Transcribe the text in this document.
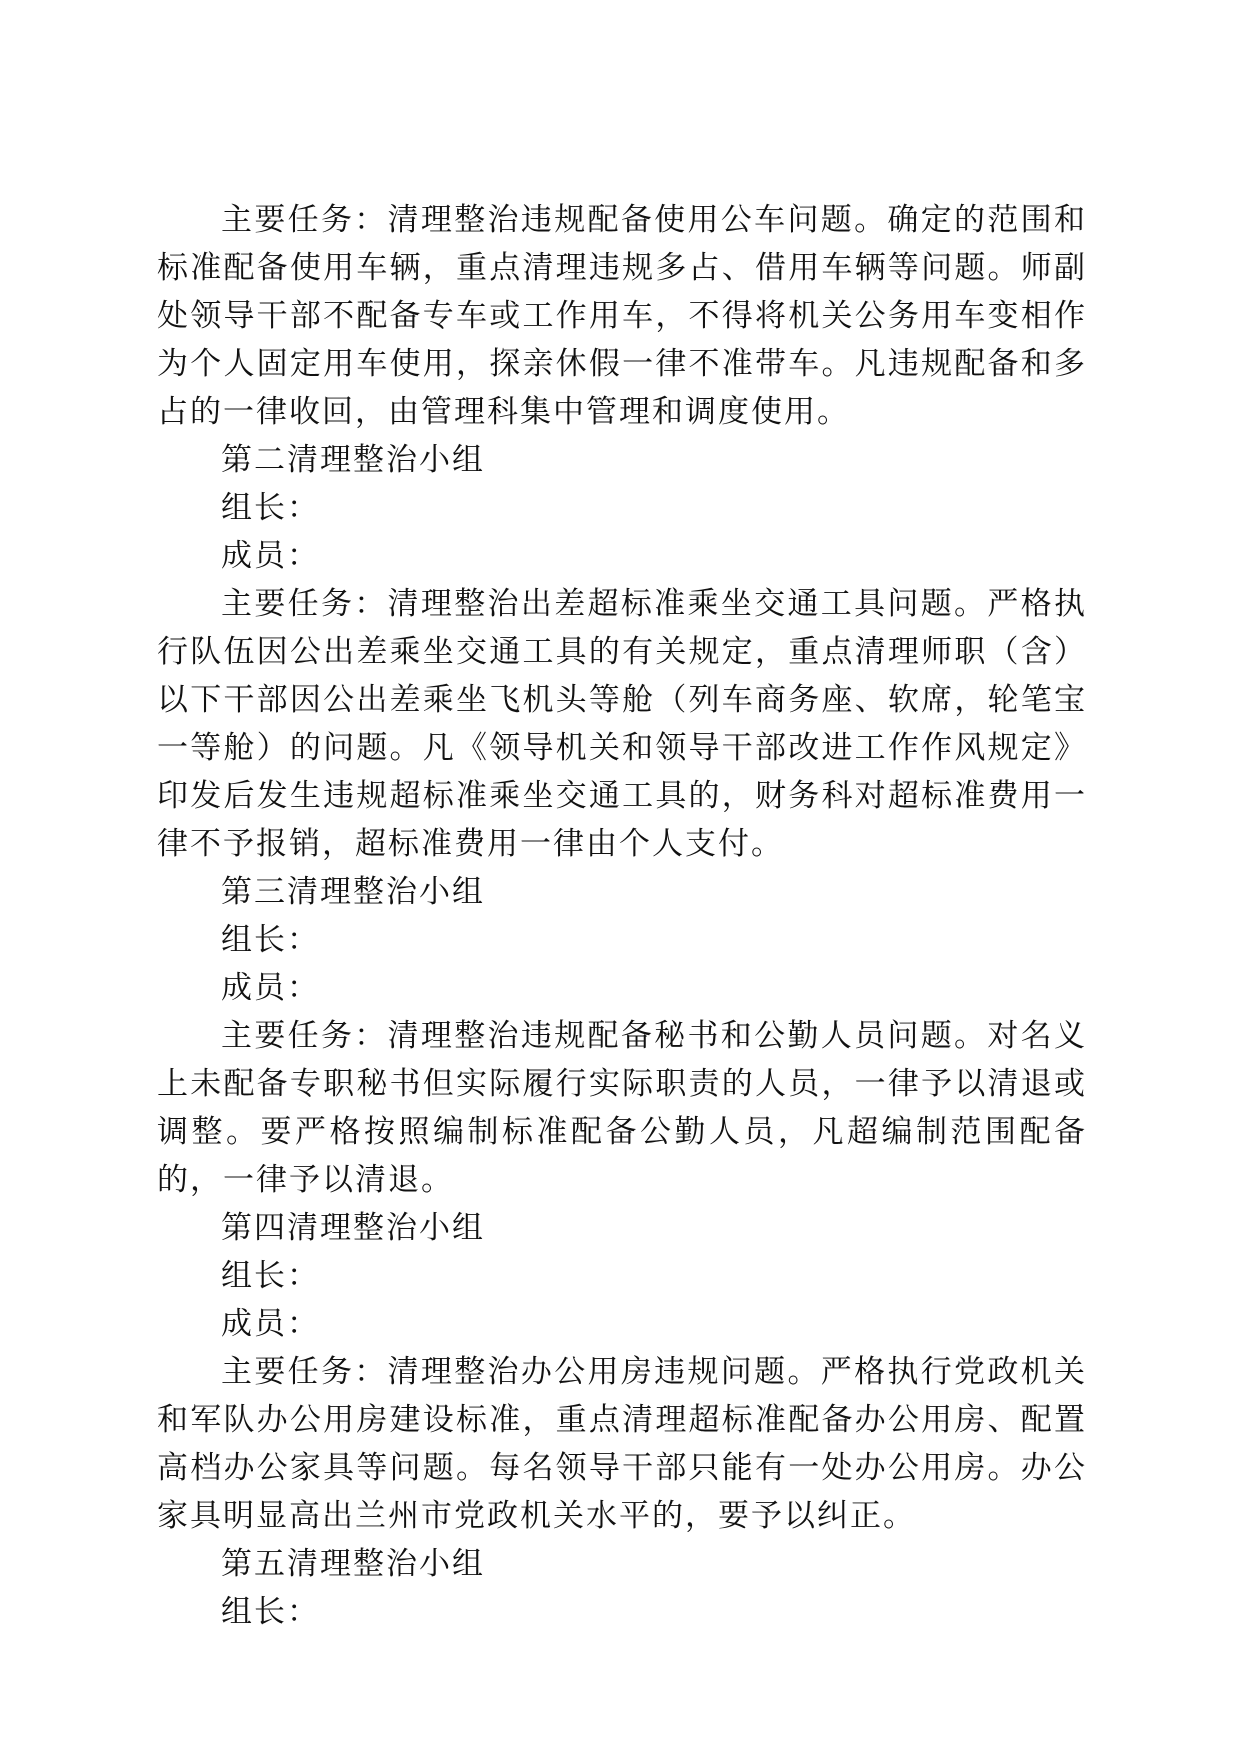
主要任务：清理整治违规配备使用公车问题。确定的范围和标准配备使用车辆，重点清理违规多占、借用车辆等问题。师副处领导干部不配备专车或工作用车，不得将机关公务用车变相作为个人固定用车使用，探亲休假一律不准带车。凡违规配备和多占的一律收回，由管理科集中管理和调度使用。

第二清理整治小组

组长：

成员：

主要任务：清理整治出差超标准乘坐交通工具问题。严格执行队伍因公出差乘坐交通工具的有关规定，重点清理师职（含）以下干部因公出差乘坐飞机头等舱（列车商务座、软席，轮笔宝一等舱）的问题。凡《领导机关和领导干部改进工作作风规定》印发后发生违规超标准乘坐交通工具的，财务科对超标准费用一律不予报销，超标准费用一律由个人支付。

第三清理整治小组

组长：

成员：

主要任务：清理整治违规配备秘书和公勤人员问题。对名义上未配备专职秘书但实际履行实际职责的人员，一律予以清退或调整。要严格按照编制标准配备公勤人员，凡超编制范围配备的，一律予以清退。

第四清理整治小组

组长：

成员：

主要任务：清理整治办公用房违规问题。严格执行党政机关和军队办公用房建设标准，重点清理超标准配备办公用房、配置高档办公家具等问题。每名领导干部只能有一处办公用房。办公家具明显高出兰州市党政机关水平的，要予以纠正。

第五清理整治小组

组长：
